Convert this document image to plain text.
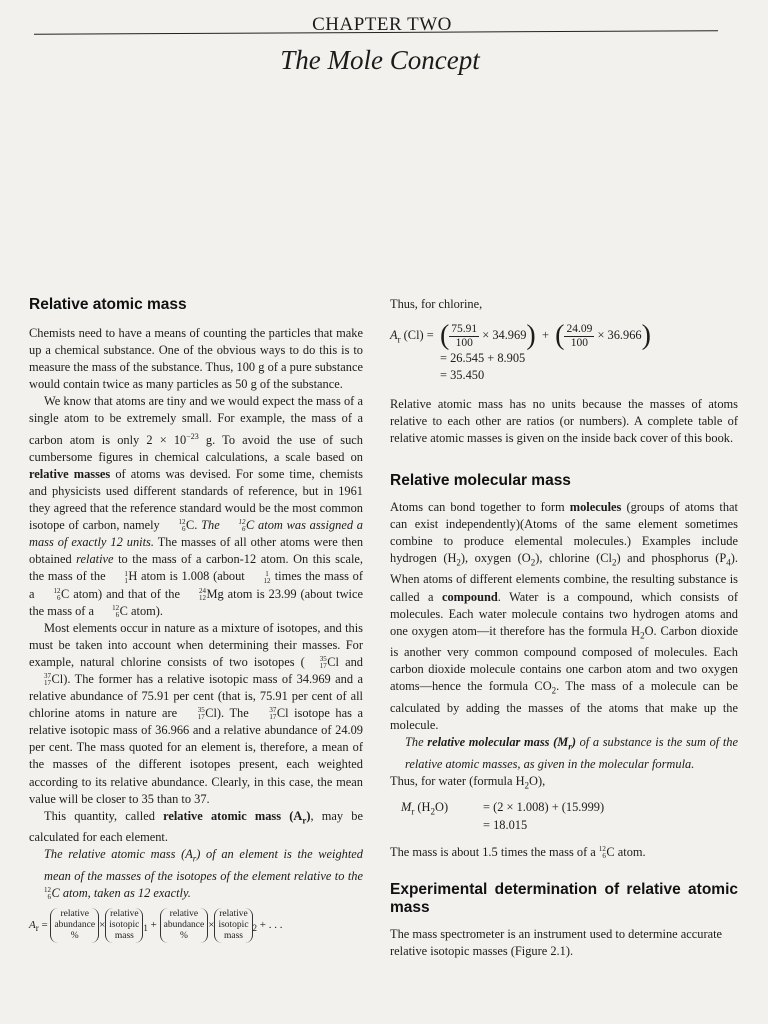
CHAPTER TWO
The Mole Concept
Relative atomic mass

Chemists need to have a means of counting the particles that make up a chemical substance. One of the obvious ways to do this is to measure the mass of the substance. Thus, 100 g of a pure substance would contain twice as many particles as 50 g of the substance.

We know that atoms are tiny and we would expect the mass of a single atom to be extremely small. For example, the mass of a carbon atom is only $2 \times 10^{-23}$ g. To avoid the use of such cumbersome figures in chemical calculations, a scale based on relative masses of atoms was devised. For some time, chemists and physicists used different standards of reference, but in 1961 they agreed that the reference standard would be the most common isotope of carbon, namely	12
6 C. The	12
6 C atom was assigned a mass of exactly 12 units. The masses of all other atoms were then obtained relative to the mass of a carbon-12 atom. On this scale, the mass of the	1
1 H atom is 1.008 (about	1
12 times the mass of a	12
6 C atom) and that of the	24
12 Mg atom is 23.99 (about twice the mass of a	12
6 C atom).

Most elements occur in nature as a mixture of isotopes, and this must be taken into account when determining their masses. For example, natural chlorine consists of two isotopes (	35
17 Cl and
37
17 Cl). The former has a relative isotopic mass of 34.969 and a relative abundance of 75.91 per cent (that is, 75.91 per cent of all chlorine atoms in nature are	35
17 Cl). The	37
17 Cl isotope has a relative isotopic mass of 36.966 and a relative abundance of 24.09 per cent. The mass quoted for an element is, therefore, a mean of the masses of the different isotopes present, each weighted according to its relative abundance. Clearly, in this case, the mean value will be closer to 35 than to 37.

This quantity, called relative atomic mass $(A_r)$, may be calculated for each element.

The relative atomic mass $(A_r)$ of an element is the weighted mean of the masses of the isotopes of the element relative to the
12
6 C atom, taken as 12 exactly.

$A_r$ = relative
abundance
%×relative
isotopic
mass$_1$ + relative
abundance
%×relative
isotopic
mass$_2$ + . . .

Thus, for chlorine,

$A_r$ (Cl) = ( $\frac{75.91}{100} \times 34.969$) + ( $\frac{24.09}{100} \times 36.966$)
= 26.545 + 8.905
= 35.450

Relative atomic mass has no units because the masses of atoms relative to each other are ratios (or numbers). A complete table of relative atomic masses is given on the inside back cover of this book.

Relative molecular mass

Atoms can bond together to form molecules (groups of atoms that can exist independently)(Atoms of the same element sometimes combine to produce elemental molecules.) Examples include hydrogen $(H_2)$, oxygen $(O_2)$, chlorine $(Cl_2)$ and phosphorus $(P_4)$. When atoms of different elements combine, the resulting substance is called a compound. Water is a compound, which consists of molecules. Each water molecule contains two hydrogen atoms and one oxygen atom—it therefore has the formula $H_2O$. Carbon dioxide is another very common compound composed of molecules. Each carbon dioxide molecule contains one carbon atom and two oxygen atoms—hence the formula $CO_2$. The mass of a molecule can be calculated by adding the masses of the atoms that make up the molecule.

The relative molecular mass $(M_r)$ of a substance is the sum of the relative atomic masses, as given in the molecular formula.

Thus, for water (formula $H_2O$),

$M_r$ $(H_2O)$	= (2 × 1.008) + (15.999)
= 18.015

The mass is about 1.5 times the mass of a 12
6 C atom.

Experimental determination of relative atomic mass

The mass spectrometer is an instrument used to determine accurate relative isotopic masses (Figure 2.1).
